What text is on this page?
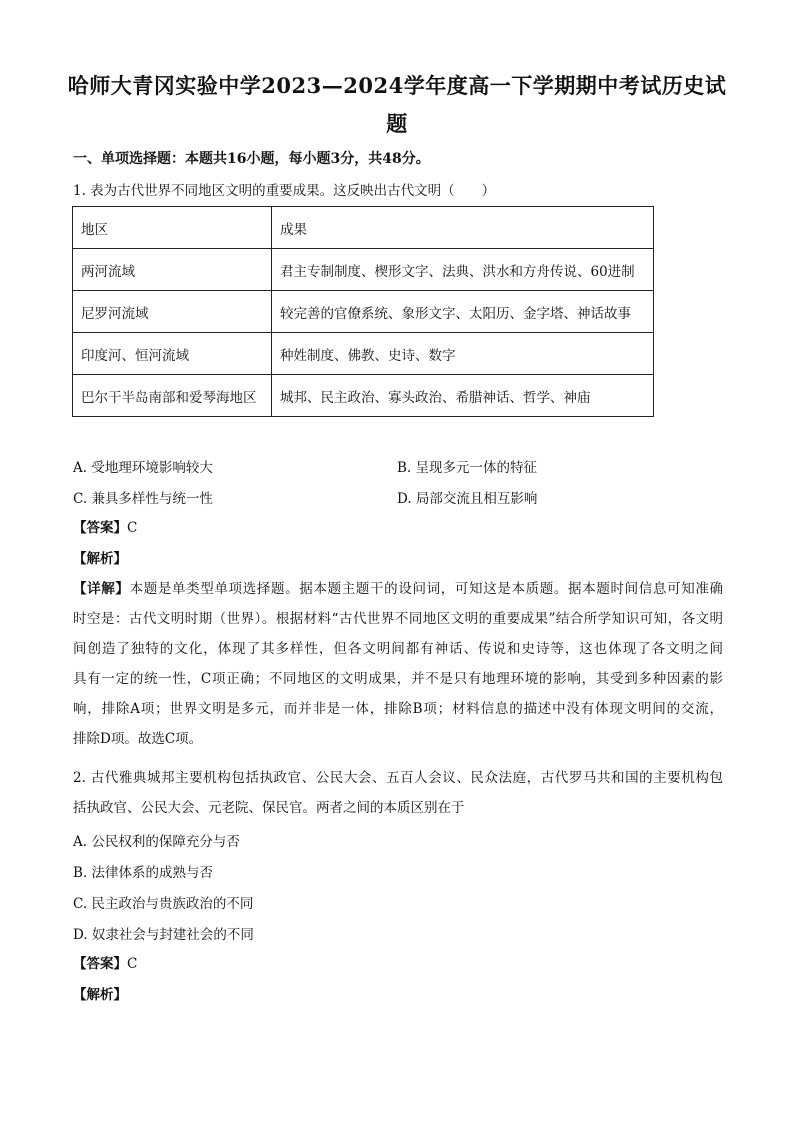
哈师大青冈实验中学2023—2024学年度高一下学期期中考试历史试
题
一、单项选择题：本题共16小题，每小题3分，共48分。
1. 表为古代世界不同地区文明的重要成果。这反映出古代文明（　　）
地区	成果
两河流域	君主专制制度、楔形文字、法典、洪水和方舟传说、60进制
尼罗河流域	较完善的官僚系统、象形文字、太阳历、金字塔、神话故事
印度河、恒河流域	种姓制度、佛教、史诗、数字
巴尔干半岛南部和爱琴海地区	城邦、民主政治、寡头政治、希腊神话、哲学、神庙
A. 受地理环境影响较大	B. 呈现多元一体的特征
C. 兼具多样性与统一性	D. 局部交流且相互影响
【答案】C
【解析】
【详解】本题是单类型单项选择题。据本题主题干的设问词，可知这是本质题。据本题时间信息可知准确
时空是：古代文明时期（世界）。根据材料“古代世界不同地区文明的重要成果”结合所学知识可知，各文明
间创造了独特的文化，体现了其多样性，但各文明间都有神话、传说和史诗等，这也体现了各文明之间
具有一定的统一性，C项正确；不同地区的文明成果，并不是只有地理环境的影响，其受到多种因素的影
响，排除A项；世界文明是多元，而并非是一体，排除B项；材料信息的描述中没有体现文明间的交流，
排除D项。故选C项。
2. 古代雅典城邦主要机构包括执政官、公民大会、五百人会议、民众法庭，古代罗马共和国的主要机构包
括执政官、公民大会、元老院、保民官。两者之间的本质区别在于
A. 公民权利的保障充分与否
B. 法律体系的成熟与否
C. 民主政治与贵族政治的不同
D. 奴隶社会与封建社会的不同
【答案】C
【解析】
